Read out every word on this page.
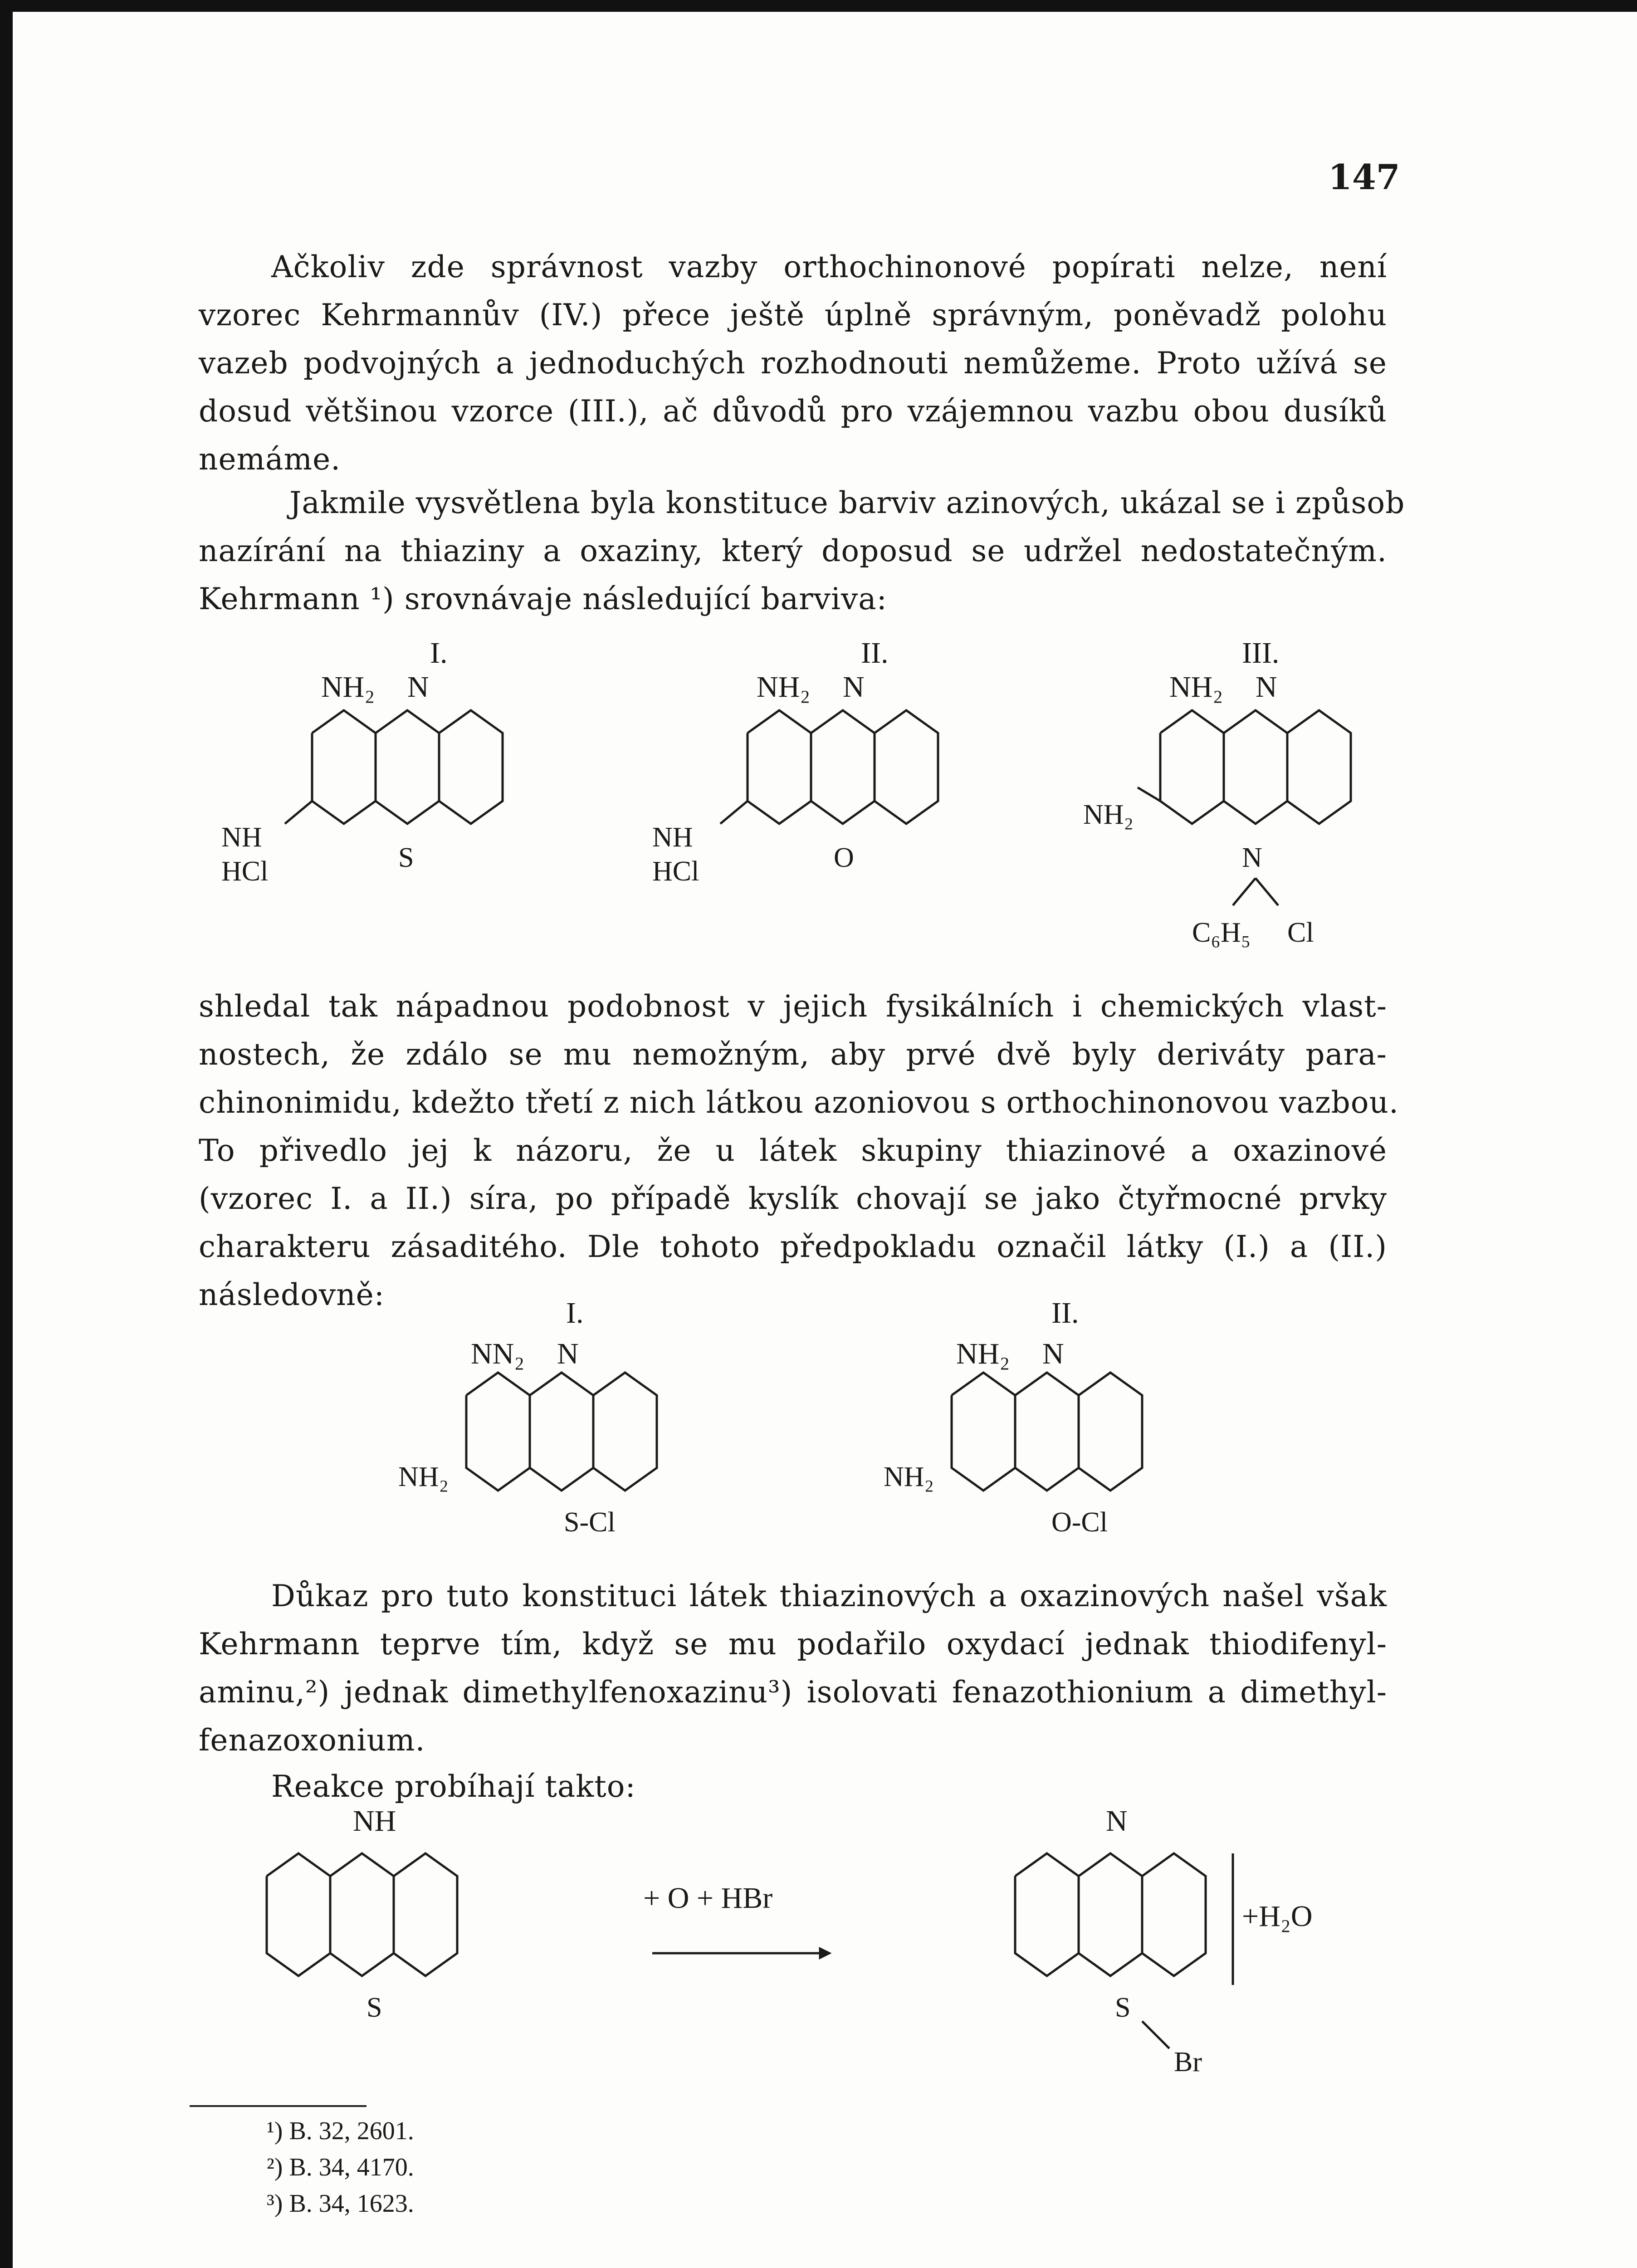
147
Ačkoliv zde správnost vazby orthochinonové popírati nelze, není
vzorec Kehrmannův (IV.) přece ještě úplně správným, poněvadž polohu
vazeb podvojných a jednoduchých rozhodnouti nemůžeme. Proto užívá se
dosud většinou vzorce (III.), ač důvodů pro vzájemnou vazbu obou dusíků
nemáme.
Jakmile vysvětlena byla konstituce barviv azinových, ukázal se i způsob
nazírání na thiaziny a oxaziny, který doposud se udržel nedostatečným.
Kehrmann ¹) srovnávaje následující barviva:
I.
NH₂ N
NH
HCl	S
II.
NH₂ N
NH
HCl	O
III.
NH₂ N
NH₂
N
C₆H₅ Cl
shledal tak nápadnou podobnost v jejich fysikálních i chemických vlast-
nostech, že zdálo se mu nemožným, aby prvé dvě byly deriváty para-
chinonimidu, kdežto třetí z nich látkou azoniovou s orthochinonovou vazbou.
To přivedlo jej k názoru, že u látek skupiny thiazinové a oxazinové
(vzorec I. a II.) síra, po případě kyslík chovají se jako čtyřmocné prvky
charakteru zásaditého. Dle tohoto předpokladu označil látky (I.) a (II.)
následovně:
I.
NN₂ N
NH₂
S-Cl
II.
NH₂ N
NH₂
O-Cl
Důkaz pro tuto konstituci látek thiazinových a oxazinových našel však
Kehrmann teprve tím, když se mu podařilo oxydací jednak thiodifenyl-
aminu,²) jednak dimethylfenoxazinu³) isolovati fenazothionium a dimethyl-
fenazoxonium.
Reakce probíhají takto:
NH
S
+ O + HBr
N
S
Br
+H₂O
¹) B. 32, 2601.
²) B. 34, 4170.
³) B. 34, 1623.
